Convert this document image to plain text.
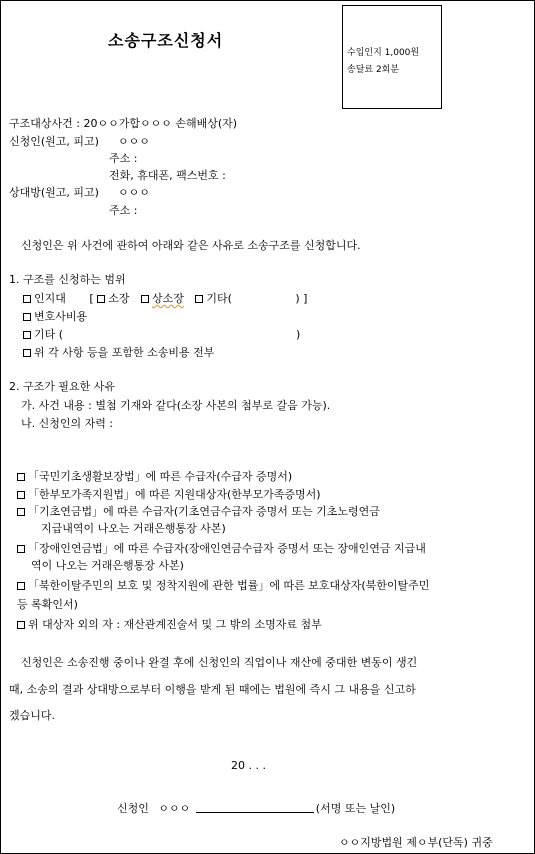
소송구조신청서
수입인지 1,000원
송달료 2회분
구조대상사건 : 20ㅇㅇ가합ㅇㅇㅇ 손해배상(자)
신청인(원고, 피고) ㅇㅇㅇ
주소 :
전화, 휴대폰, 팩스번호 :
상대방(원고, 피고) ㅇㅇㅇ
주소 :
신청인은 위 사건에 관하여 아래와 같은 사유로 소송구조를 신청합니다.
1. 구조를 신청하는 범위
인지대 [ 소장 상소장 기타(	) ]
변호사비용
기타 (	)
위 각 사항 등을 포함한 소송비용 전부
2. 구조가 필요한 사유
가. 사건 내용 : 별첨 기재와 같다(소장 사본의 첨부로 갈음 가능).
나. 신청인의 자력 :
「국민기초생활보장법」에 따른 수급자(수급자 증명서)
「한부모가족지원법」에 따른 지원대상자(한부모가족증명서)
「기초연금법」에 따른 수급자(기초연금수급자 증명서 또는 기초노령연금
지급내역이 나오는 거래은행통장 사본)
「장애인연금법」에 따른 수급자(장애인연금수급자 증명서 또는 장애인연금 지급내
역이 나오는 거래은행통장 사본)
「북한이탈주민의 보호 및 정착지원에 관한 법률」에 따른 보호대상자(북한이탈주민
등 록확인서)
위 대상자 외의 자 : 재산관계진술서 및 그 밖의 소명자료 첨부
신청인은 소송진행 중이나 완결 후에 신청인의 직업이나 재산에 중대한 변동이 생긴
때, 소송의 결과 상대방으로부터 이행을 받게 된 때에는 법원에 즉시 그 내용을 신고하
겠습니다.
20 . . .
신청인 ㅇㅇㅇ	(서명 또는 날인)
ㅇㅇ지방법원 제ㅇ부(단독) 귀중
